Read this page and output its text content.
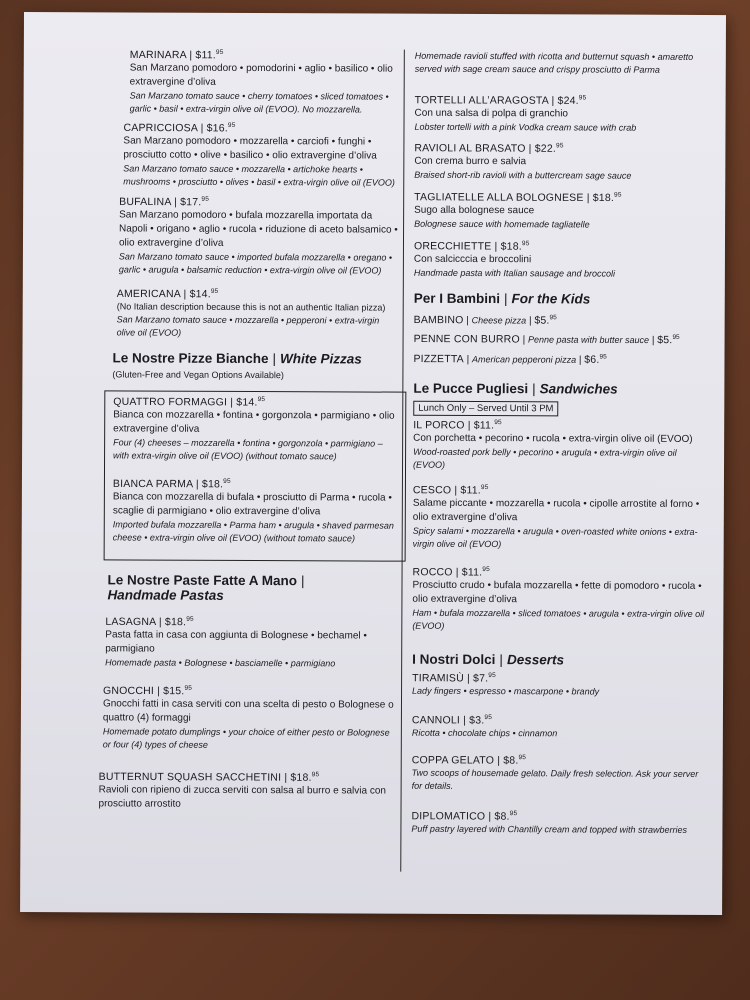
MARINARA | $11.95
San Marzano pomodoro • pomodorini • aglio • basilico • olio extravergine d’oliva
San Marzano tomato sauce • cherry tomatoes • sliced tomatoes • garlic • basil • extra-virgin olive oil (EVOO). No mozzarella.
CAPRICCIOSA | $16.95
San Marzano pomodoro • mozzarella • carciofi • funghi • prosciutto cotto • olive • basilico • olio extravergine d’oliva
San Marzano tomato sauce • mozzarella • artichoke hearts • mushrooms • prosciutto • olives • basil • extra-virgin olive oil (EVOO)
BUFALINA | $17.95
San Marzano pomodoro • bufala mozzarella importata da Napoli • origano • aglio • rucola • riduzione di aceto balsamico • olio extravergine d’oliva
San Marzano tomato sauce • imported bufala mozzarella • oregano • garlic • arugula • balsamic reduction • extra-virgin olive oil (EVOO)
AMERICANA | $14.95
(No Italian description because this is not an authentic Italian pizza)
San Marzano tomato sauce • mozzarella • pepperoni • extra-virgin olive oil (EVOO)
Le Nostre Pizze Bianche | White Pizzas
(Gluten-Free and Vegan Options Available)
QUATTRO FORMAGGI | $14.95
Bianca con mozzarella • fontina • gorgonzola • parmigiano • olio extravergine d’oliva
Four (4) cheeses – mozzarella • fontina • gorgonzola • parmigiano – with extra-virgin olive oil (EVOO) (without tomato sauce)
BIANCA PARMA | $18.95
Bianca con mozzarella di bufala • prosciutto di Parma • rucola • scaglie di parmigiano • olio extravergine d’oliva
Imported bufala mozzarella • Parma ham • arugula • shaved parmesan cheese • extra-virgin olive oil (EVOO) (without tomato sauce)
Le Nostre Paste Fatte A Mano |
Handmade Pastas
LASAGNA | $18.95
Pasta fatta in casa con aggiunta di Bolognese • bechamel • parmigiano
Homemade pasta • Bolognese • basciamelle • parmigiano
GNOCCHI | $15.95
Gnocchi fatti in casa serviti con una scelta di pesto o Bolognese o quattro (4) formaggi
Homemade potato dumplings • your choice of either pesto or Bolognese or four (4) types of cheese
BUTTERNUT SQUASH SACCHETINI | $18.95
Ravioli con ripieno di zucca serviti con salsa al burro e salvia con prosciutto arrostito
Homemade ravioli stuffed with ricotta and butternut squash • amaretto served with sage cream sauce and crispy prosciutto di Parma
TORTELLI ALL’ARAGOSTA | $24.95
Con una salsa di polpa di granchio
Lobster tortelli with a pink Vodka cream sauce with crab
RAVIOLI AL BRASATO | $22.95
Con crema burro e salvia
Braised short-rib ravioli with a buttercream sage sauce
TAGLIATELLE ALLA BOLOGNESE | $18.95
Sugo alla bolognese sauce
Bolognese sauce with homemade tagliatelle
ORECCHIETTE | $18.95
Con salcicccia e broccolini
Handmade pasta with Italian sausage and broccoli
Per I Bambini | For the Kids
BAMBINO | Cheese pizza | $5.95
PENNE CON BURRO | Penne pasta with butter sauce | $5.95
PIZZETTA | American pepperoni pizza | $6.95
Le Pucce Pugliesi | Sandwiches
Lunch Only – Served Until 3 PM
IL PORCO | $11.95
Con porchetta • pecorino • rucola • extra-virgin olive oil (EVOO)
Wood-roasted pork belly • pecorino • arugula • extra-virgin olive oil (EVOO)
CESCO | $11.95
Salame piccante • mozzarella • rucola • cipolle arrostite al forno • olio extravergine d’oliva
Spicy salami • mozzarella • arugula • oven-roasted white onions • extra-virgin olive oil (EVOO)
ROCCO | $11.95
Prosciutto crudo • bufala mozzarella • fette di pomodoro • rucola • olio extravergine d’oliva
Ham • bufala mozzarella • sliced tomatoes • arugula • extra-virgin olive oil (EVOO)
I Nostri Dolci | Desserts
TIRAMISÙ | $7.95
Lady fingers • espresso • mascarpone • brandy
CANNOLI | $3.95
Ricotta • chocolate chips • cinnamon
COPPA GELATO | $8.95
Two scoops of housemade gelato. Daily fresh selection. Ask your server for details.
DIPLOMATICO | $8.95
Puff pastry layered with Chantilly cream and topped with strawberries
